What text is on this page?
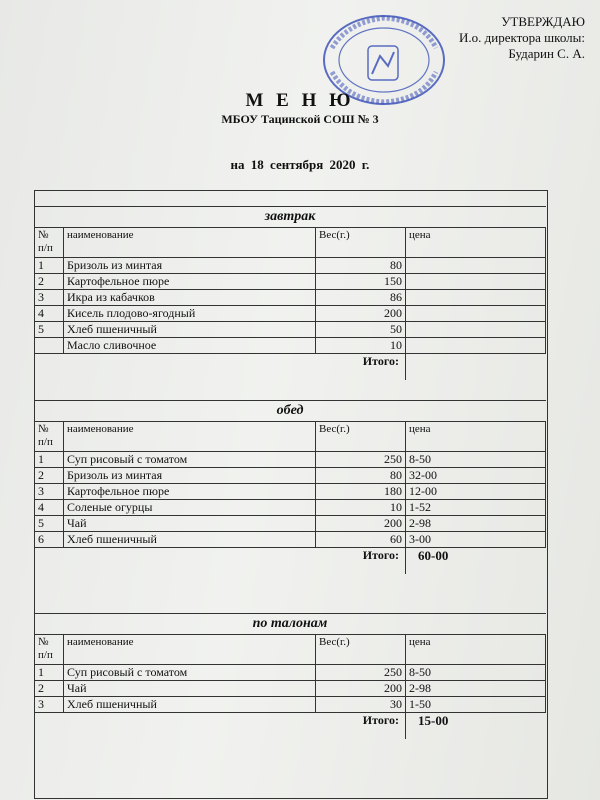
УТВЕРЖДАЮ
И.о. директора школы:
Бударин С. А.
М Е Н Ю
МБОУ Тацинской СОШ № 3
на 18 сентября 2020 г.
завтрак
№ п/п	наименование	Вес(г.)	цена
1	Бризоль из минтая	80	
2	Картофельное пюре	150	
3	Икра из кабачков	86	
4	Кисель плодово-ягодный	200	
5	Хлеб пшеничный	50	
	Масло сливочное	10	
Итого:			
обед
№ п/п	наименование	Вес(г.)	цена
1	Суп рисовый с томатом	250	8-50
2	Бризоль из минтая	80	32-00
3	Картофельное пюре	180	12-00
4	Соленые огурцы	10	1-52
5	Чай	200	2-98
6	Хлеб пшеничный	60	3-00
Итого:			60-00
по талонам
№ п/п	наименование	Вес(г.)	цена
1	Суп рисовый с томатом	250	8-50
2	Чай	200	2-98
3	Хлеб пшеничный	30	1-50
Итого:			15-00
